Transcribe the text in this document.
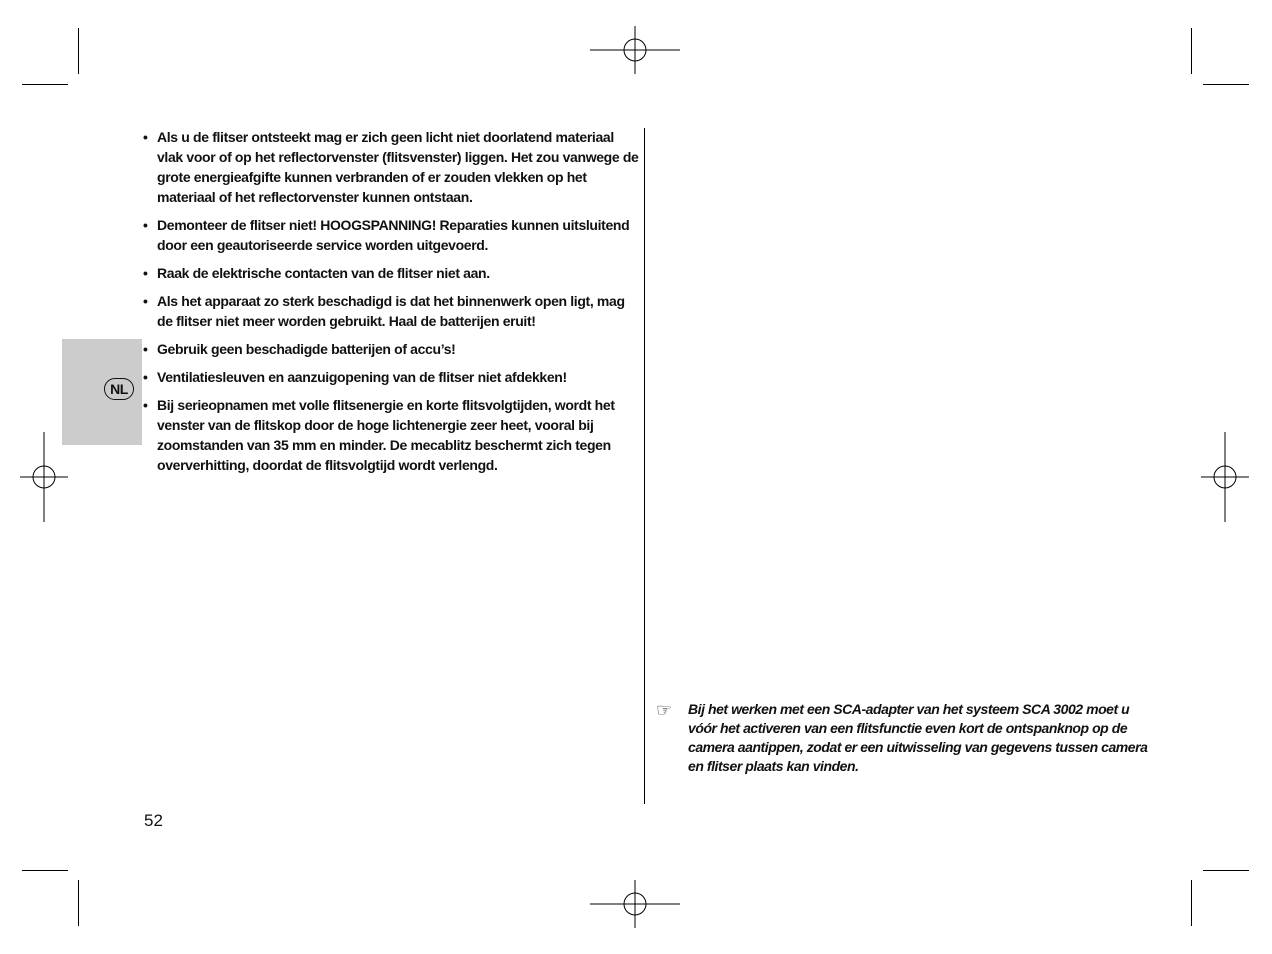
NL
• Als u de flitser ontsteekt mag er zich geen licht niet doorlatend materiaal vlak voor of op het reflectorvenster (flitsvenster) liggen. Het zou vanwege de grote energieafgifte kunnen verbranden of er zouden vlekken op het materiaal of het reflectorvenster kunnen ontstaan.
• Demonteer de flitser niet! HOOGSPANNING! Reparaties kunnen uitsluitend door een geautoriseerde service worden uitgevoerd.
• Raak de elektrische contacten van de flitser niet aan.
• Als het apparaat zo sterk beschadigd is dat het binnenwerk open ligt, mag de flitser niet meer worden gebruikt. Haal de batterijen eruit!
• Gebruik geen beschadigde batterijen of accu’s!
• Ventilatiesleuven en aanzuigopening van de flitser niet afdekken!
• Bij serieopnamen met volle flitsenergie en korte flitsvolgtijden, wordt het venster van de flitskop door de hoge lichtenergie zeer heet, vooral bij zoomstanden van 35 mm en minder. De mecablitz beschermt zich tegen oververhitting, doordat de flitsvolgtijd wordt verlengd.
☞ Bij het werken met een SCA-adapter van het systeem SCA 3002 moet u vóór het activeren van een flitsfunctie even kort de ontspanknop op de camera aantippen, zodat er een uitwisseling van gegevens tussen camera en flitser plaats kan vinden.
52
